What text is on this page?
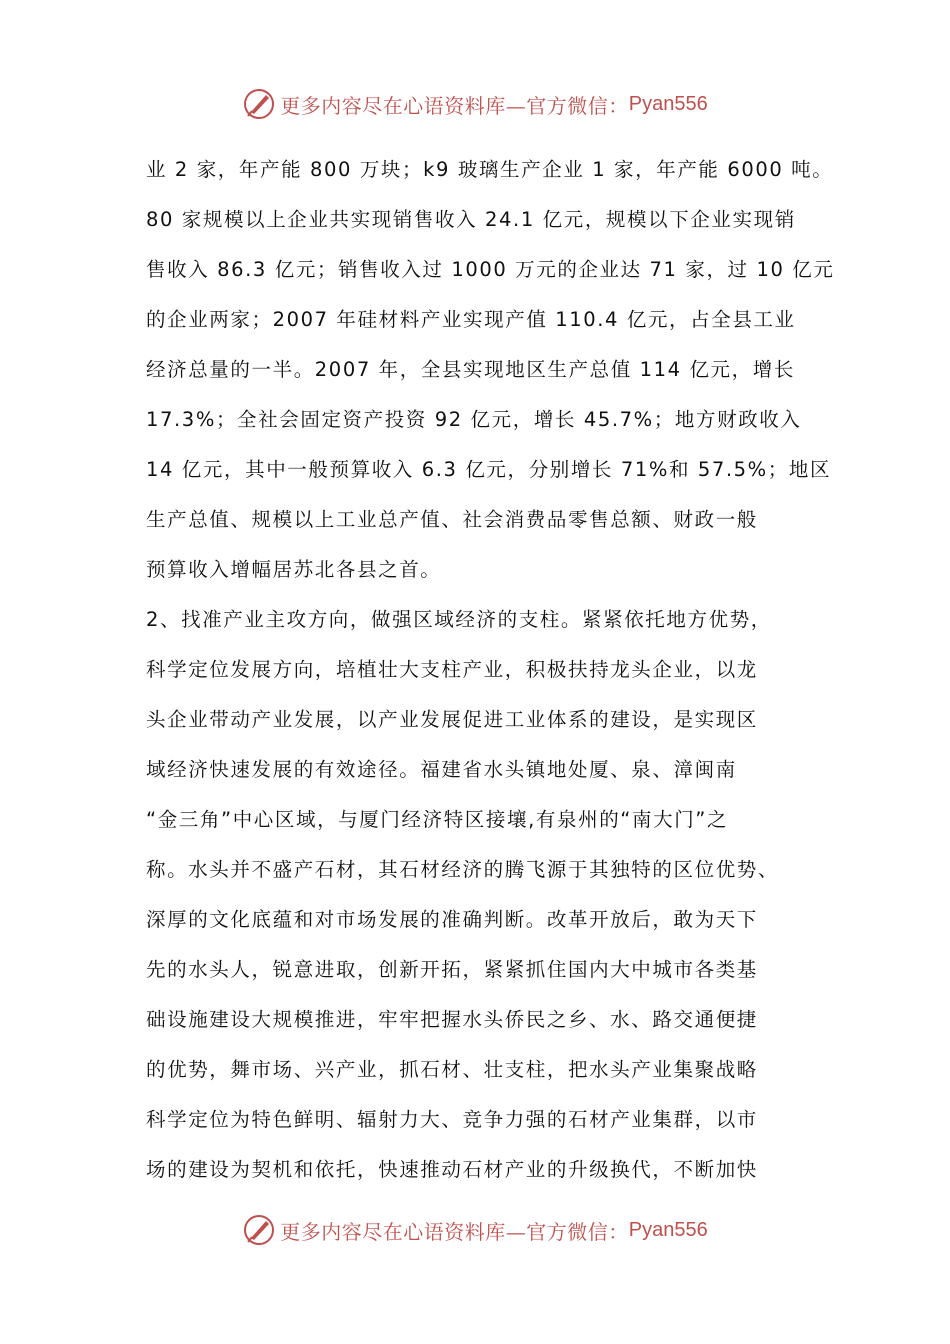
更多内容尽在心语资料库—官方微信： Pyan556
业 2 家，年产能 800 万块；k9 玻璃生产企业 1 家，年产能 6000 吨。
80 家规模以上企业共实现销售收入 24.1 亿元，规模以下企业实现销
售收入 86.3 亿元；销售收入过 1000 万元的企业达 71 家，过 10 亿元
的企业两家；2007 年硅材料产业实现产值 110.4 亿元，占全县工业
经济总量的一半。2007 年，全县实现地区生产总值 114 亿元，增长
17.3%；全社会固定资产投资 92 亿元，增长 45.7%；地方财政收入
14 亿元，其中一般预算收入 6.3 亿元，分别增长 71%和 57.5%；地区
生产总值、规模以上工业总产值、社会消费品零售总额、财政一般
预算收入增幅居苏北各县之首。
2、找准产业主攻方向，做强区域经济的支柱。紧紧依托地方优势，
科学定位发展方向，培植壮大支柱产业，积极扶持龙头企业，以龙
头企业带动产业发展，以产业发展促进工业体系的建设，是实现区
域经济快速发展的有效途径。福建省水头镇地处厦、泉、漳闽南
“金三角”中心区域，与厦门经济特区接壤,有泉州的“南大门”之
称。水头并不盛产石材，其石材经济的腾飞源于其独特的区位优势、
深厚的文化底蕴和对市场发展的准确判断。改革开放后，敢为天下
先的水头人，锐意进取，创新开拓，紧紧抓住国内大中城市各类基
础设施建设大规模推进，牢牢把握水头侨民之乡、水、路交通便捷
的优势，舞市场、兴产业，抓石材、壮支柱，把水头产业集聚战略
科学定位为特色鲜明、辐射力大、竞争力强的石材产业集群，以市
场的建设为契机和依托，快速推动石材产业的升级换代，不断加快
更多内容尽在心语资料库—官方微信： Pyan556
